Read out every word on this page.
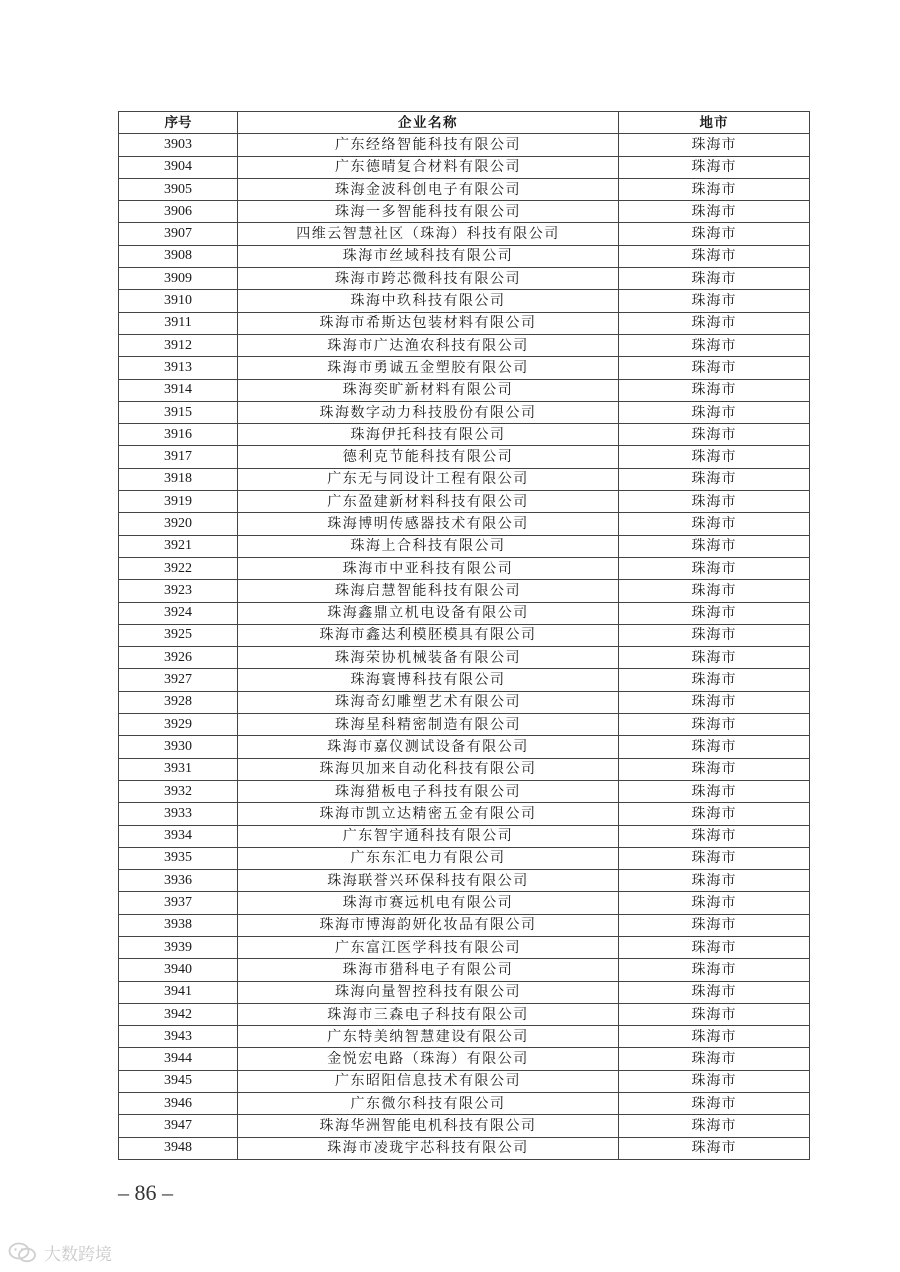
序号	企业名称	地市
3903	广东经络智能科技有限公司	珠海市
3904	广东德晴复合材料有限公司	珠海市
3905	珠海金波科创电子有限公司	珠海市
3906	珠海一多智能科技有限公司	珠海市
3907	四维云智慧社区（珠海）科技有限公司	珠海市
3908	珠海市丝域科技有限公司	珠海市
3909	珠海市跨芯微科技有限公司	珠海市
3910	珠海中玖科技有限公司	珠海市
3911	珠海市希斯达包装材料有限公司	珠海市
3912	珠海市广达渔农科技有限公司	珠海市
3913	珠海市勇诚五金塑胶有限公司	珠海市
3914	珠海奕旷新材料有限公司	珠海市
3915	珠海数字动力科技股份有限公司	珠海市
3916	珠海伊托科技有限公司	珠海市
3917	德利克节能科技有限公司	珠海市
3918	广东无与同设计工程有限公司	珠海市
3919	广东盈建新材料科技有限公司	珠海市
3920	珠海博明传感器技术有限公司	珠海市
3921	珠海上合科技有限公司	珠海市
3922	珠海市中亚科技有限公司	珠海市
3923	珠海启慧智能科技有限公司	珠海市
3924	珠海鑫鼎立机电设备有限公司	珠海市
3925	珠海市鑫达利模胚模具有限公司	珠海市
3926	珠海荣协机械装备有限公司	珠海市
3927	珠海寰博科技有限公司	珠海市
3928	珠海奇幻雕塑艺术有限公司	珠海市
3929	珠海星科精密制造有限公司	珠海市
3930	珠海市嘉仪测试设备有限公司	珠海市
3931	珠海贝加来自动化科技有限公司	珠海市
3932	珠海猎板电子科技有限公司	珠海市
3933	珠海市凯立达精密五金有限公司	珠海市
3934	广东智宇通科技有限公司	珠海市
3935	广东东汇电力有限公司	珠海市
3936	珠海联誉兴环保科技有限公司	珠海市
3937	珠海市赛远机电有限公司	珠海市
3938	珠海市博海韵妍化妆品有限公司	珠海市
3939	广东富江医学科技有限公司	珠海市
3940	珠海市猎科电子有限公司	珠海市
3941	珠海向量智控科技有限公司	珠海市
3942	珠海市三森电子科技有限公司	珠海市
3943	广东特美纳智慧建设有限公司	珠海市
3944	金悦宏电路（珠海）有限公司	珠海市
3945	广东昭阳信息技术有限公司	珠海市
3946	广东微尔科技有限公司	珠海市
3947	珠海华洲智能电机科技有限公司	珠海市
3948	珠海市凌珑宇芯科技有限公司	珠海市
– 86 –
大数跨境
